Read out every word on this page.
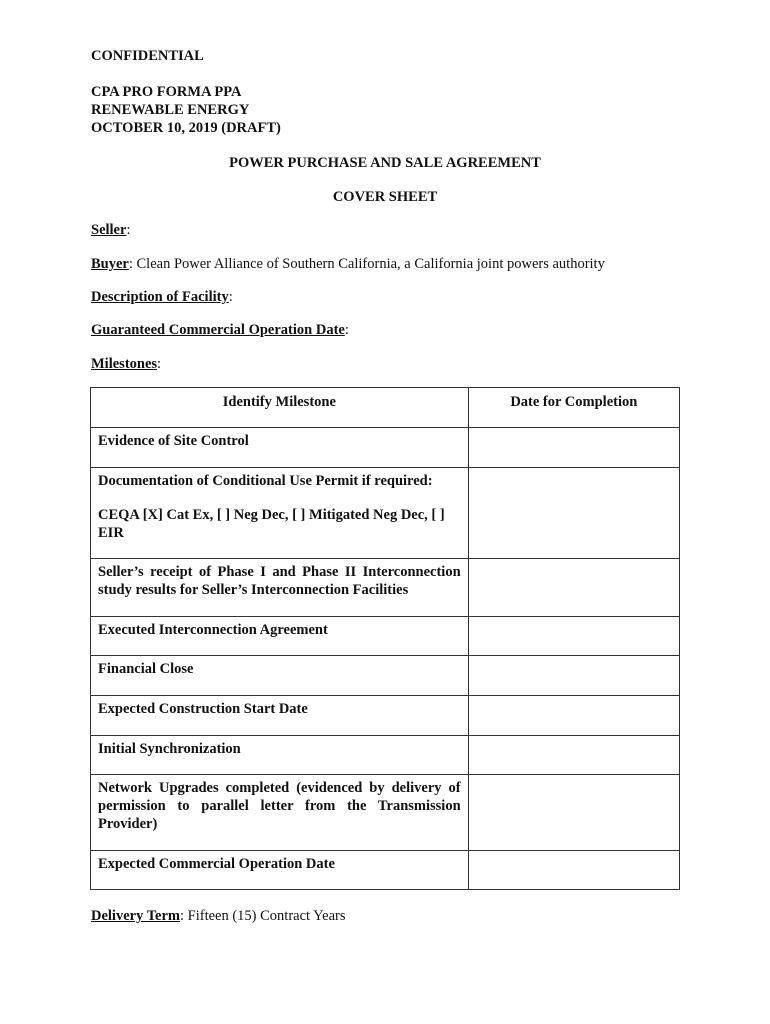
CONFIDENTIAL
CPA PRO FORMA PPA
RENEWABLE ENERGY
OCTOBER 10, 2019 (DRAFT)
POWER PURCHASE AND SALE AGREEMENT
COVER SHEET
Seller:
Buyer: Clean Power Alliance of Southern California, a California joint powers authority
Description of Facility:
Guaranteed Commercial Operation Date:
Milestones:
Identify Milestone	Date for Completion
Evidence of Site Control	

Documentation of Conditional Use Permit if required:
CEQA [X] Cat Ex, [ ] Neg Dec, [ ] Mitigated Neg Dec, [ ] EIR	

Seller’s receipt of Phase I and Phase II Interconnection study results for Seller’s Interconnection Facilities	
Executed Interconnection Agreement	
Financial Close	
Expected Construction Start Date	
Initial Synchronization	
Network Upgrades completed (evidenced by delivery of permission to parallel letter from the Transmission Provider)	
Expected Commercial Operation Date	
Delivery Term: Fifteen (15) Contract Years
